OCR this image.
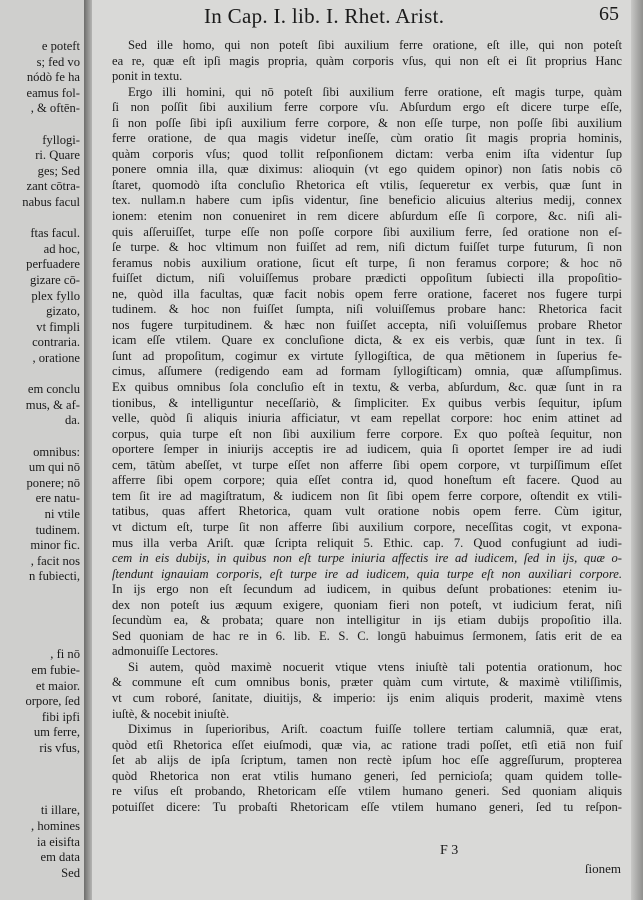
e poteft
s; fed vo
nódò fe ha
eamus fol-
, & oftēn-
fyllogi-
ri. Quare
ges; Sed
zant cōtra-
nabus facul
ftas facul.
ad hoc,
perfuadere
gizare cō-
plex fyllo
gizato,
vt fimpli
contraria.
, oratione
em conclu
mus, & af-
da.
omnibus:
um qui nō
ponere; nō
ere natu-
ni vtile
tudinem.
minor fic.
, facit nos
n fubiecti,
, fi nō
em fubie-
et maior.
orpore, ſed
fibi ipfi
um ferre,
ris vfus,
ti illare,
, homines
ia eisifta
em data
Sed
In Cap. I. lib. I. Rhet. Arist.	65
Sed ille homo, qui non poteſt ſibi auxilium ferre oratione, eſt ille, qui non poteſt
ea re, quæ eſt ipſi magis propria, quàm corporis vſus, qui non eſt ei ſit proprius Hanc
ponit in textu.
Ergo illi homini, qui nō poteſt ſibi auxilium ferre oratione, eſt magis turpe, quàm
ſi non poſſit ſibi auxilium ferre corpore vſu. Abſurdum ergo eſt dicere turpe eſſe,
ſi non poſſe ſibi ipſi auxilium ferre corpore, & non eſſe turpe, non poſſe ſibi auxilium
ferre oratione, de qua magis videtur ineſſe, cùm oratio ſit magis propria hominis,
quàm corporis vſus; quod tollit reſponſionem dictam: verba enim iſta videntur ſup
ponere omnia illa, quæ diximus: alioquin (vt ego quidem opinor) non ſatis nobis cō
ſtaret, quomodò iſta concluſio Rhetorica eſt vtilis, ſequeretur ex verbis, quæ ſunt in
tex. nullam.n habere cum ipſis videntur, ſine beneficio alicuius alterius medij, connex
ionem: etenim non conueniret in rem dicere abſurdum eſſe ſi corpore, &c. niſi ali-
quis aſſeruiſſet, turpe eſſe non poſſe corpore ſibi auxilium ferre, ſed oratione non eſ-
ſe turpe. & hoc vltimum non fuiſſet ad rem, niſi dictum fuiſſet turpe futurum, ſi non
feramus nobis auxilium oratione, ſicut eſt turpe, ſi non feramus corpore; & hoc nō
fuiſſet dictum, niſi voluiſſemus probare prædicti oppoſitum ſubiecti illa propoſitio-
ne, quòd illa facultas, quæ facit nobis opem ferre oratione, faceret nos fugere turpi
tudinem. & hoc non fuiſſet ſumpta, niſi voluiſſemus probare hanc: Rhetorica facit
nos fugere turpitudinem. & hæc non fuiſſet accepta, niſi voluiſſemus probare Rhetor
icam eſſe vtilem. Quare ex concluſione dicta, & ex eis verbis, quæ ſunt in tex. ſi
ſunt ad propoſitum, cogimur ex virtute ſyllogiſtica, de qua mētionem in ſuperius fe-
cimus, aſſumere (redigendo eam ad formam ſyllogiſticam) omnia, quæ aſſumpſimus.
Ex quibus omnibus ſola concluſio eſt in textu, & verba, abſurdum, &c. quæ ſunt in ra
tionibus, & intelliguntur neceſſariò, & ſimpliciter. Ex quibus verbis ſequitur, ipſum
velle, quòd ſi aliquis iniuria afficiatur, vt eam repellat corpore: hoc enim attinet ad
corpus, quia turpe eſt non ſibi auxilium ferre corpore. Ex quo poſteà ſequitur, non
oportere ſemper in iniurijs acceptis ire ad iudicem, quia ſi oportet ſemper ire ad iudi
cem, tātùm abeſſet, vt turpe eſſet non afferre ſibi opem corpore, vt turpiſſimum eſſet
afferre ſibi opem corpore; quia eſſet contra id, quod honeſtum eſt facere. Quod au
tem ſit ire ad magiſtratum, & iudicem non ſit ſibi opem ferre corpore, oſtendit ex vtili-
tatibus, quas affert Rhetorica, quam vult oratione nobis opem ferre. Cùm igitur,
vt dictum eſt, turpe ſit non afferre ſibi auxilium corpore, neceſſitas cogit, vt expona-
mus illa verba Ariſt. quæ ſcripta reliquit 5. Ethic. cap. 7. Quod confugiunt ad iudi-
cem in eis dubijs, in quibus non eſt turpe iniuria affectis ire ad iudicem, ſed in ijs, quæ o-
ſtendunt ignauiam corporis, eſt turpe ire ad iudicem, quia turpe eſt non auxiliari corpore.
In ijs ergo non eſt ſecundum ad iudicem, in quibus deſunt probationes: etenim iu-
dex non poteſt ius æquum exigere, quoniam fieri non poteſt, vt iudicium ferat, niſi
ſecundùm ea, & probata; quare non intelligitur in ijs etiam dubijs propoſitio illa.
Sed quoniam de hac re in 6. lib. E. S. C. longū habuimus ſermonem, ſatis erit de ea
admonuiſſe Lectores.
Si autem, quòd maximè nocuerit vtique vtens iniuſtè tali potentia orationum, hoc
& commune eſt cum omnibus bonis, præter quàm cum virtute, & maximè vtiliſſimis,
vt cum roboré, ſanitate, diuitijs, & imperio: ijs enim aliquis proderit, maximè vtens
iuſtè, & nocebit iniuſtè.
Diximus in ſuperioribus, Ariſt. coactum fuiſſe tollere tertiam calumniā, quæ erat,
quòd etſi Rhetorica eſſet eiuſmodi, quæ via, ac ratione tradi poſſet, etſi etiā non fuiſ
ſet ab alijs de ipſa ſcriptum, tamen non rectè ipſum hoc eſſe aggreſſurum, propterea
quòd Rhetorica non erat vtilis humano generi, ſed pernicioſa; quam quidem tolle-
re viſus eſt probando, Rhetoricam eſſe vtilem humano generi. Sed quoniam aliquis
potuiſſet dicere: Tu probaſti Rhetoricam eſſe vtilem humano generi, ſed tu reſpon-
F 3
ſionem
